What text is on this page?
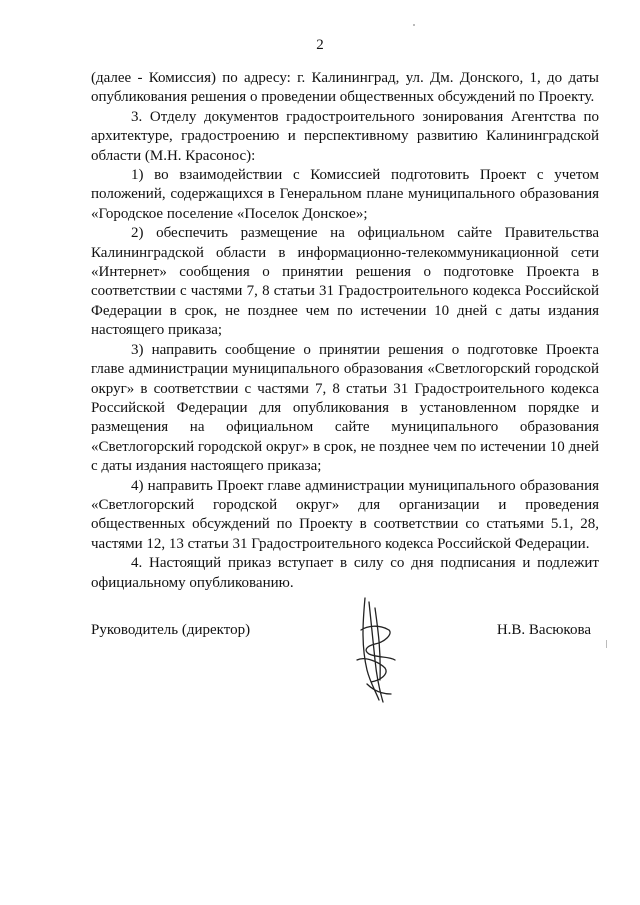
2

(далее - Комиссия) по адресу: г. Калининград, ул. Дм. Донского, 1, до даты опубликования решения о проведении общественных обсуждений по Проекту.

3. Отделу документов градостроительного зонирования Агентства по архитектуре, градостроению и перспективному развитию Калининградской области (М.Н. Красонос):

1) во взаимодействии с Комиссией подготовить Проект с учетом положений, содержащихся в Генеральном плане муниципального образования «Городское поселение «Поселок Донское»;

2) обеспечить размещение на официальном сайте Правительства Калининградской области в информационно-телекоммуникационной сети «Интернет» сообщения о принятии решения о подготовке Проекта в соответствии с частями 7, 8 статьи 31 Градостроительного кодекса Российской Федерации в срок, не позднее чем по истечении 10 дней с даты издания настоящего приказа;

3) направить сообщение о принятии решения о подготовке Проекта главе администрации муниципального образования «Светлогорский городской округ» в соответствии с частями 7, 8 статьи 31 Градостроительного кодекса Российской Федерации для опубликования в установленном порядке и размещения на официальном сайте муниципального образования «Светлогорский городской округ» в срок, не позднее чем по истечении 10 дней с даты издания настоящего приказа;

4) направить Проект главе администрации муниципального образования «Светлогорский городской округ» для организации и проведения общественных обсуждений по Проекту в соответствии со статьями 5.1, 28, частями 12, 13 статьи 31 Градостроительного кодекса Российской Федерации.

4. Настоящий приказ вступает в силу со дня подписания и подлежит официальному опубликованию.

Руководитель (директор)	Н.В. Васюкова
